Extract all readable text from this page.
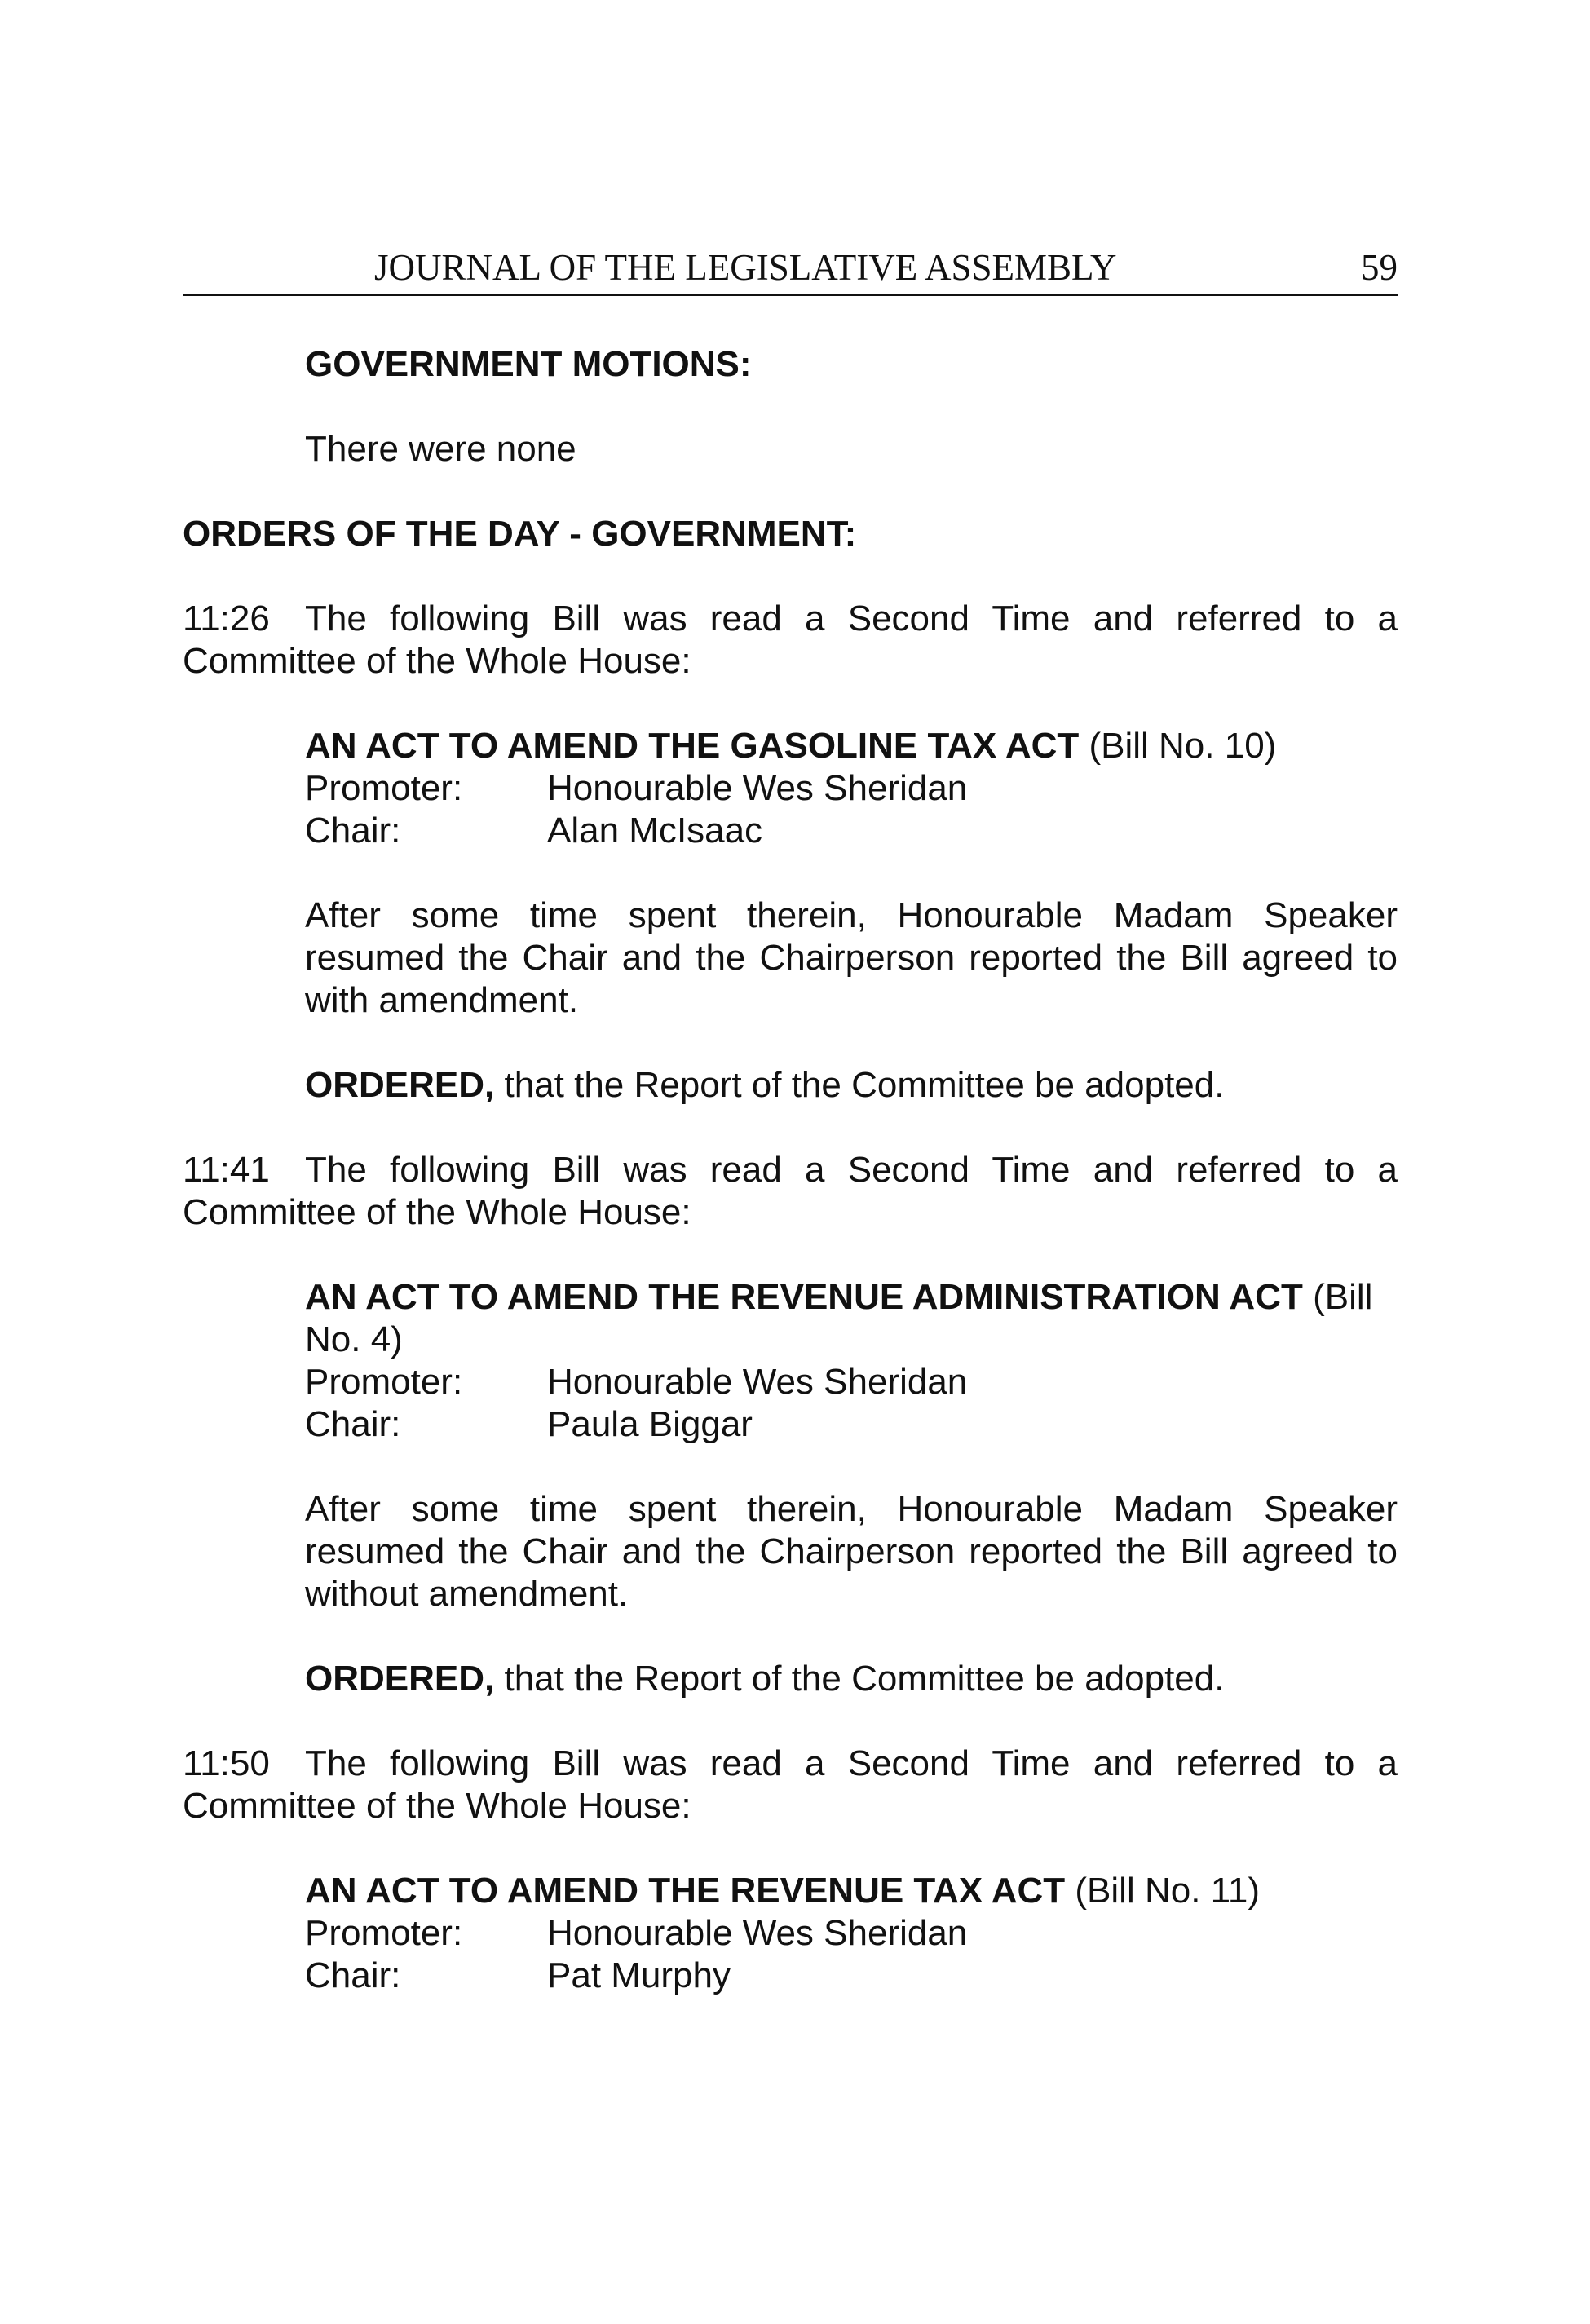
JOURNAL OF THE LEGISLATIVE ASSEMBLY	59

GOVERNMENT MOTIONS:

There were none

ORDERS OF THE DAY - GOVERNMENT:

11:26 The following Bill was read a Second Time and referred to a Committee of the Whole House:

AN ACT TO AMEND THE GASOLINE TAX ACT (Bill No. 10)

Promoter:	Honourable Wes Sheridan
Chair:	Alan McIsaac

After some time spent therein, Honourable Madam Speaker resumed the Chair and the Chairperson reported the Bill agreed to with amendment.

ORDERED, that the Report of the Committee be adopted.

11:41 The following Bill was read a Second Time and referred to a Committee of the Whole House:

AN ACT TO AMEND THE REVENUE ADMINISTRATION ACT (Bill No. 4)

Promoter:	Honourable Wes Sheridan
Chair:	Paula Biggar

After some time spent therein, Honourable Madam Speaker resumed the Chair and the Chairperson reported the Bill agreed to without amendment.

ORDERED, that the Report of the Committee be adopted.

11:50 The following Bill was read a Second Time and referred to a Committee of the Whole House:

AN ACT TO AMEND THE REVENUE TAX ACT (Bill No. 11)

Promoter:	Honourable Wes Sheridan
Chair:	Pat Murphy
